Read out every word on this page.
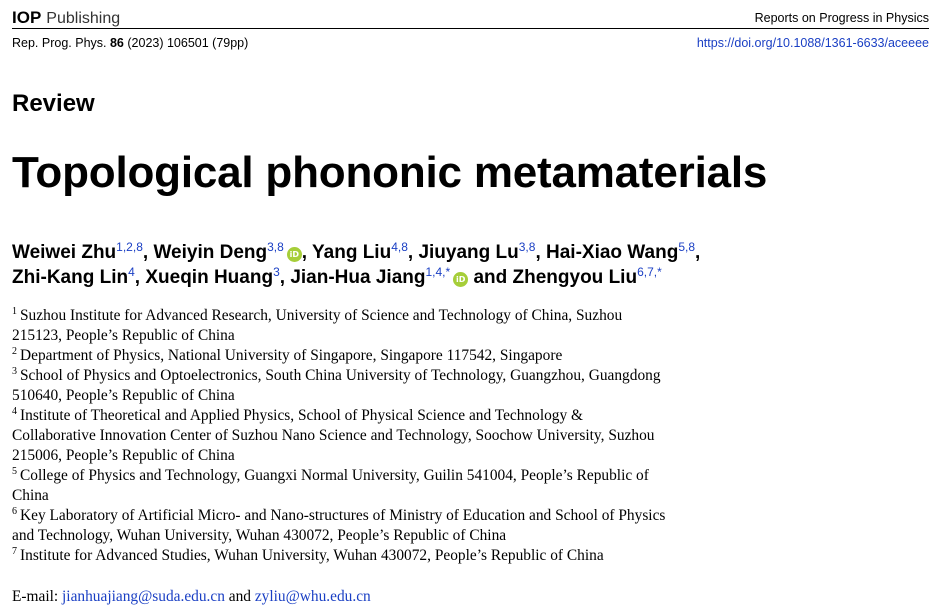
IOP Publishing	Reports on Progress in Physics
Rep. Prog. Phys. 86 (2023) 106501 (79pp)	https://doi.org/10.1088/1361-6633/aceeee
Review
Topological phononic metamaterials
Weiwei Zhu$^{1,2,8}$, Weiyin Deng$^{3,8}$iD , Yang Liu$^{4,8}$, Jiuyang Lu$^{3,8}$, Hai-Xiao Wang$^{5,8}$,
Zhi-Kang Lin$^4$, Xueqin Huang$^3$, Jian-Hua Jiang$^{1,4,*}$iD and Zhengyou Liu$^{6,7,*}$

$^1$ Suzhou Institute for Advanced Research, University of Science and Technology of China, Suzhou
215123, People’s Republic of China

$^2$ Department of Physics, National University of Singapore, Singapore 117542, Singapore

$^3$ School of Physics and Optoelectronics, South China University of Technology, Guangzhou, Guangdong
510640, People’s Republic of China

$^4$ Institute of Theoretical and Applied Physics, School of Physical Science and Technology &
Collaborative Innovation Center of Suzhou Nano Science and Technology, Soochow University, Suzhou
215006, People’s Republic of China

$^5$ College of Physics and Technology, Guangxi Normal University, Guilin 541004, People’s Republic of
China

$^6$ Key Laboratory of Artificial Micro- and Nano-structures of Ministry of Education and School of Physics
and Technology, Wuhan University, Wuhan 430072, People’s Republic of China

$^7$ Institute for Advanced Studies, Wuhan University, Wuhan 430072, People’s Republic of China

E-mail: jianhuajiang@suda.edu.cn and zyliu@whu.edu.cn
